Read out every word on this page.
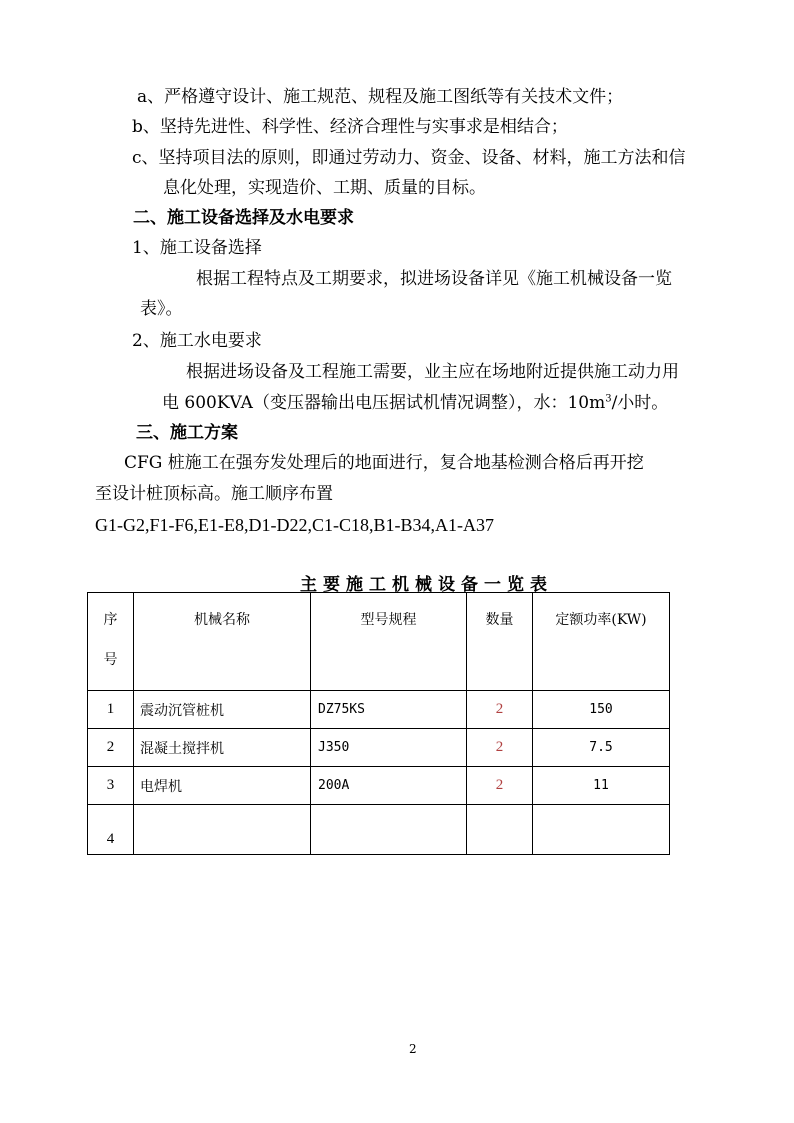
a、严格遵守设计、施工规范、规程及施工图纸等有关技术文件；
b、坚持先进性、科学性、经济合理性与实事求是相结合；
c、坚持项目法的原则，即通过劳动力、资金、设备、材料，施工方法和信
息化处理，实现造价、工期、质量的目标。
二、施工设备选择及水电要求
1、施工设备选择
根据工程特点及工期要求，拟进场设备详见《施工机械设备一览
表》。
2、施工水电要求
根据进场设备及工程施工需要，业主应在场地附近提供施工动力用
电 600KVA（变压器输出电压据试机情况调整），水：$10m^3/$小时。
三、施工方案
CFG 桩施工在强夯发处理后的地面进行，复合地基检测合格后再开挖
至设计桩顶标高。施工顺序布置
G1-G2,F1-F6,E1-E8,D1-D22,C1-C18,B1-B34,A1-A37
主要施工机械设备一览表
序
号	机械名称	型号规程	数量	定额功率(KW)
1	震动沉管桩机	DZ75KS	2	150
2	混凝土搅拌机	J350	2	7.5
3	电焊机	200A	2	11
4				
2
